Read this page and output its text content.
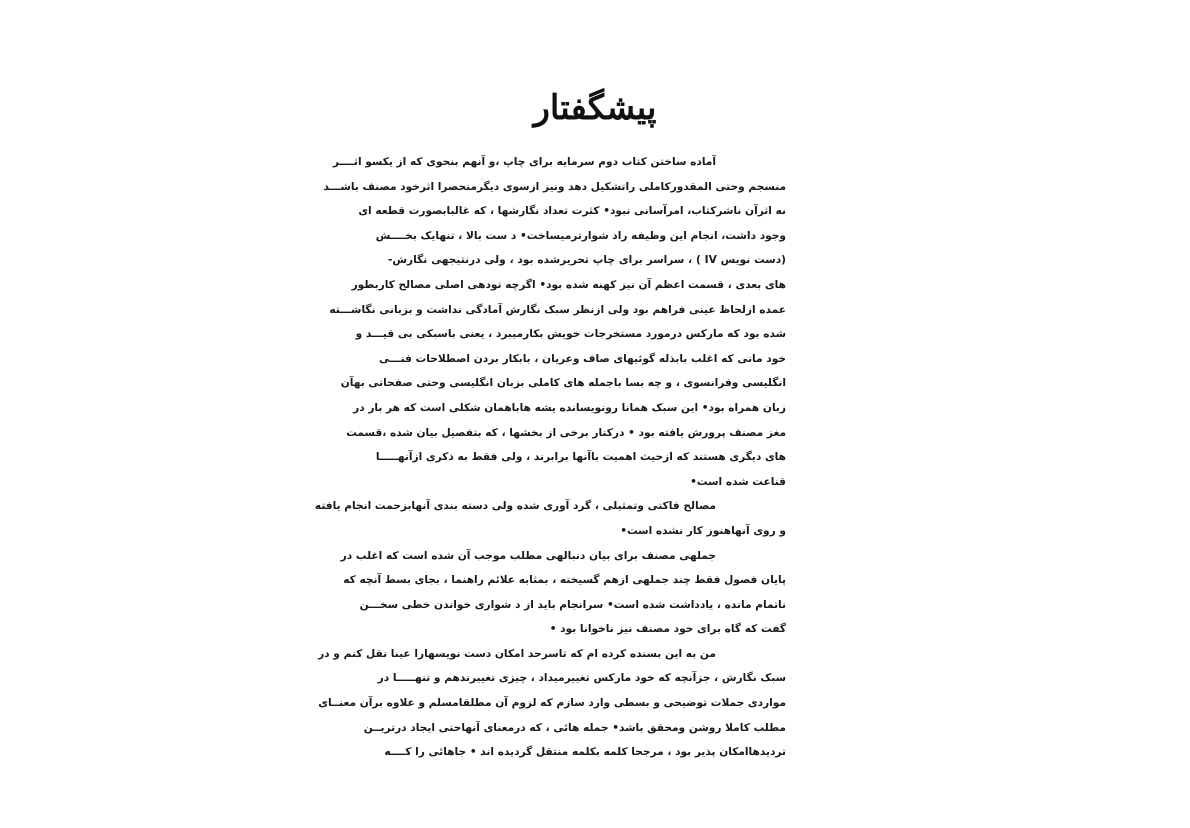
پیشگفتار
آماده ساختن کتاب دوم سرمایه برای چاپ ،و آنهم بنحوی که از یکسو اثــــر
منسجم وحتی المقدورکاملی راتشکیل دهد ونیز ازسوی دیگرمنحصرا اثرخود مصنف باشـــد
نه اثرآن ناشرکتاب، امرآسانی نبود• کثرت تعداد نگارشها ، که غالبابصورت قطعه ای
وجود داشت، انجام این وظیفه راد شوارترمیساخت• د ست بالا ، تنهایک بخــــش
(دست نویس IV ) ، سراسر برای چاپ تحریرشده بود ، ولی درنتیجهی نگارش-
های بعدی ، قسمت اعظم آن نیز کهنه شده بود• اگرچه تودهی اصلی مصالح کاربطور
عمده ازلحاظ عینی فراهم بود ولی ازنظر سبک نگارش آمادگی نداشت و بزبانی نگاشـــته
شده بود که مارکس درمورد مستخرجات خویش بکارمیبرد ، یعنی باسبکی بی قیـــد و
خود مانی که اغلب بابذله گوئیهای صاف وعریان ، بابکار بردن اصطلاحات فنـــی
انگلیسی وفرانسوی ، و چه بسا باجمله های کاملی بزبان انگلیسی وحتی صفحاتی بهآن
زبان همراه بود• این سبک همانا رونویسانده یشه هاباهمان شکلی است که هر بار در
مغز مصنف پرورش یافته بود • درکنار برخی از بخشها ، که بتفصیل بیان شده ،قسمت
های دیگری هستند که ازحیث اهمیت باآنها برابرند ، ولی فقط به ذکری ازآنهـــــا
قناعت شده است•
مصالح فاکتی وتمثیلی ، گرد آوری شده ولی دسته بندی آنهابزحمت انجام یافته
و روی آنهاهنوز کار نشده است•
جملهی مصنف برای بیان دنبالهی مطلب موجب آن شده است که اغلب در
پایان فصول فقط چند جملهی ازهم گسیخته ، بمثابه علائم راهنما ، بجای بسط آنچه که
ناتمام مانده ، یادداشت شده است• سرانجام باید از د شواری خواندن خطی سخـــن
گفت که گاه برای خود مصنف نیز ناخوانا بود •
من به این بسنده کرده ام که تاسرحد امکان دست نویسهارا عینا نقل کنم و در
سبک نگارش ، جزآنچه که خود مارکس تغییرمیداد ، چیزی تغییرندهم و تنهـــــا در
مواردی جملات توضیحی و بسطی وارد سازم که لزوم آن مطلقامسلم و علاوه برآن معنــای
مطلب کاملا روشن ومحقق باشد• جمله هائی ، که درمعنای آنهاحتی ایجاد درتریــن
تردیدهاامکان پذیر بود ، مرجحا کلمه بکلمه منتقل گردیده اند • جاهائی را کــــه
